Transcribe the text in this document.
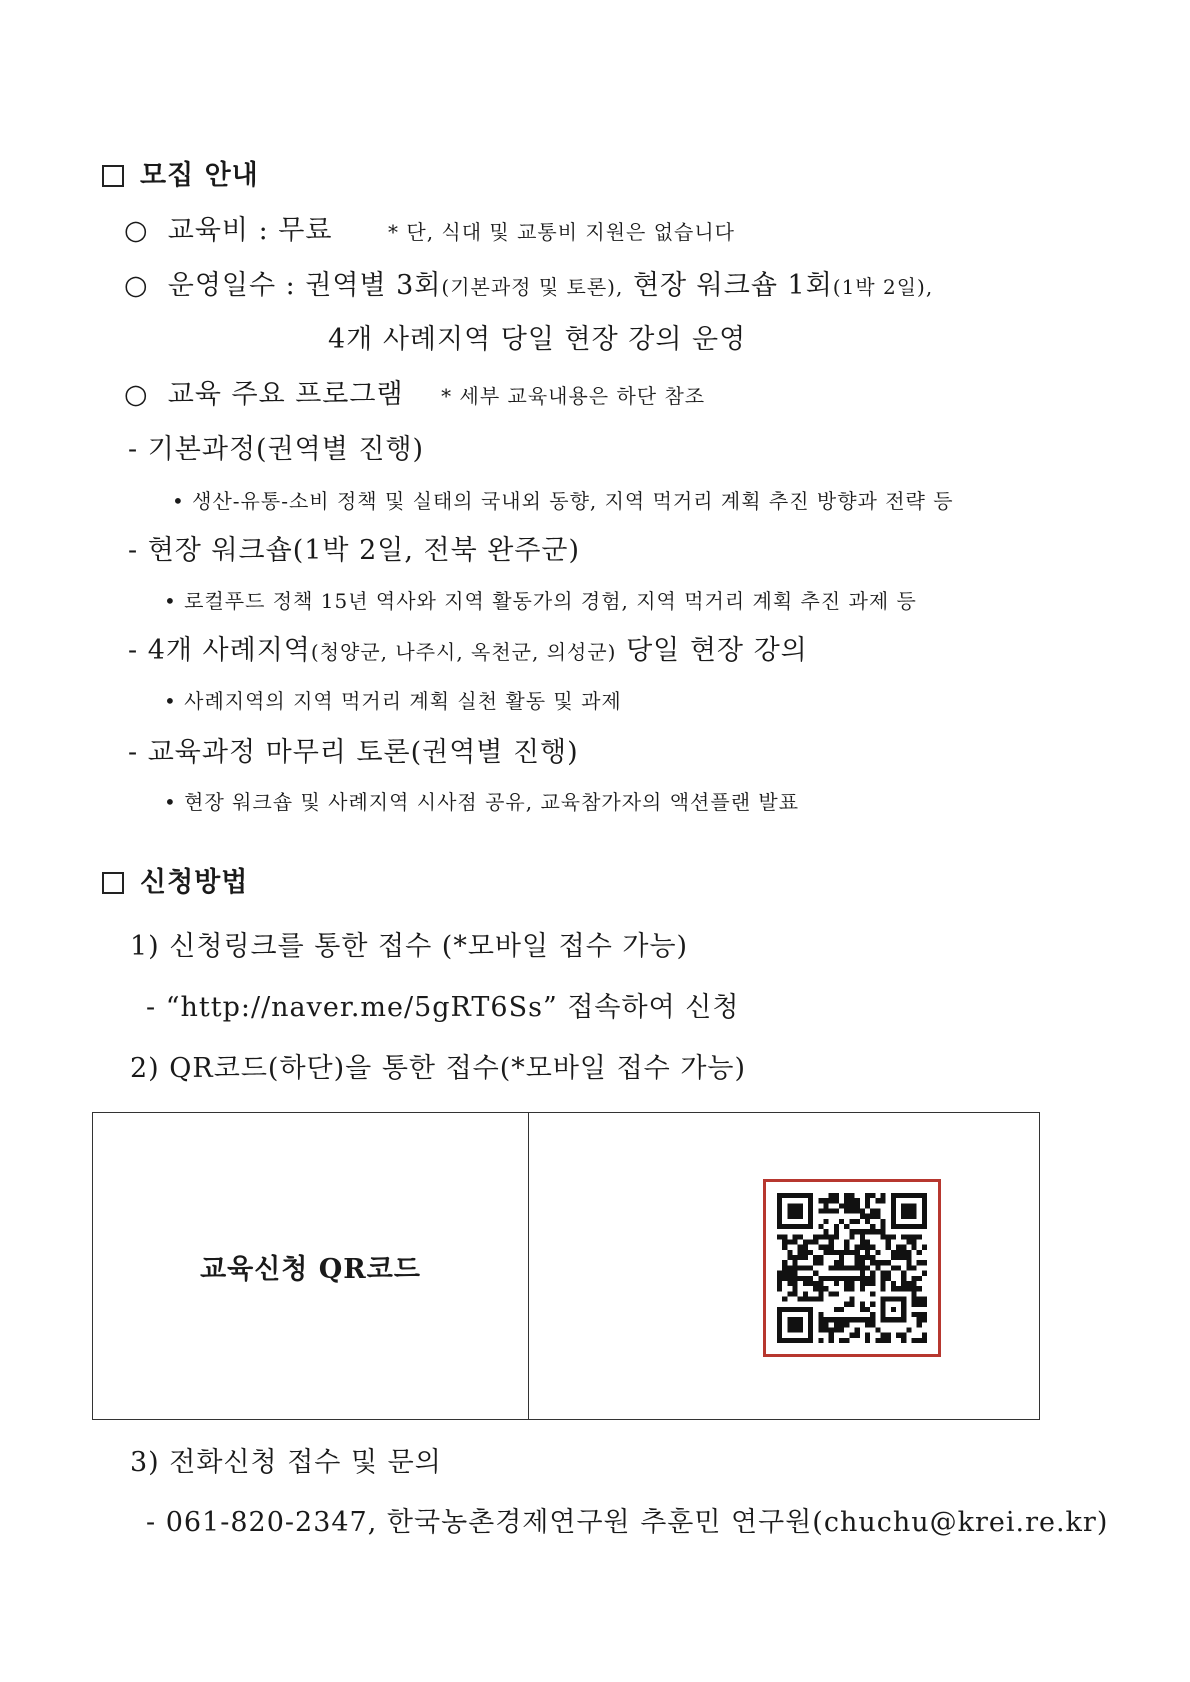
모집 안내
○  교육비 : 무료	* 단, 식대 및 교통비 지원은 없습니다
○  운영일수 : 권역별 3회(기본과정 및 토론), 현장 워크숍 1회(1박 2일),
4개 사례지역 당일 현장 강의 운영
○  교육 주요 프로그램 * 세부 교육내용은 하단 참조
- 기본과정(권역별 진행)
• 생산-유통-소비 정책 및 실태의 국내외 동향, 지역 먹거리 계획 추진 방향과 전략 등
- 현장 워크숍(1박 2일, 전북 완주군)
• 로컬푸드 정책 15년 역사와 지역 활동가의 경험, 지역 먹거리 계획 추진 과제 등
- 4개 사례지역(청양군, 나주시, 옥천군, 의성군) 당일 현장 강의
• 사례지역의 지역 먹거리 계획 실천 활동 및 과제
- 교육과정 마무리 토론(권역별 진행)
• 현장 워크숍 및 사례지역 시사점 공유, 교육참가자의 액션플랜 발표
신청방법
1) 신청링크를 통한 접수 (*모바일 접수 가능)
- “http://naver.me/5gRT6Ss” 접속하여 신청
2) QR코드(하단)을 통한 접수(*모바일 접수 가능)
교육신청 QR코드
3) 전화신청 접수 및 문의
- 061-820-2347, 한국농촌경제연구원 추훈민 연구원(chuchu@krei.re.kr)
